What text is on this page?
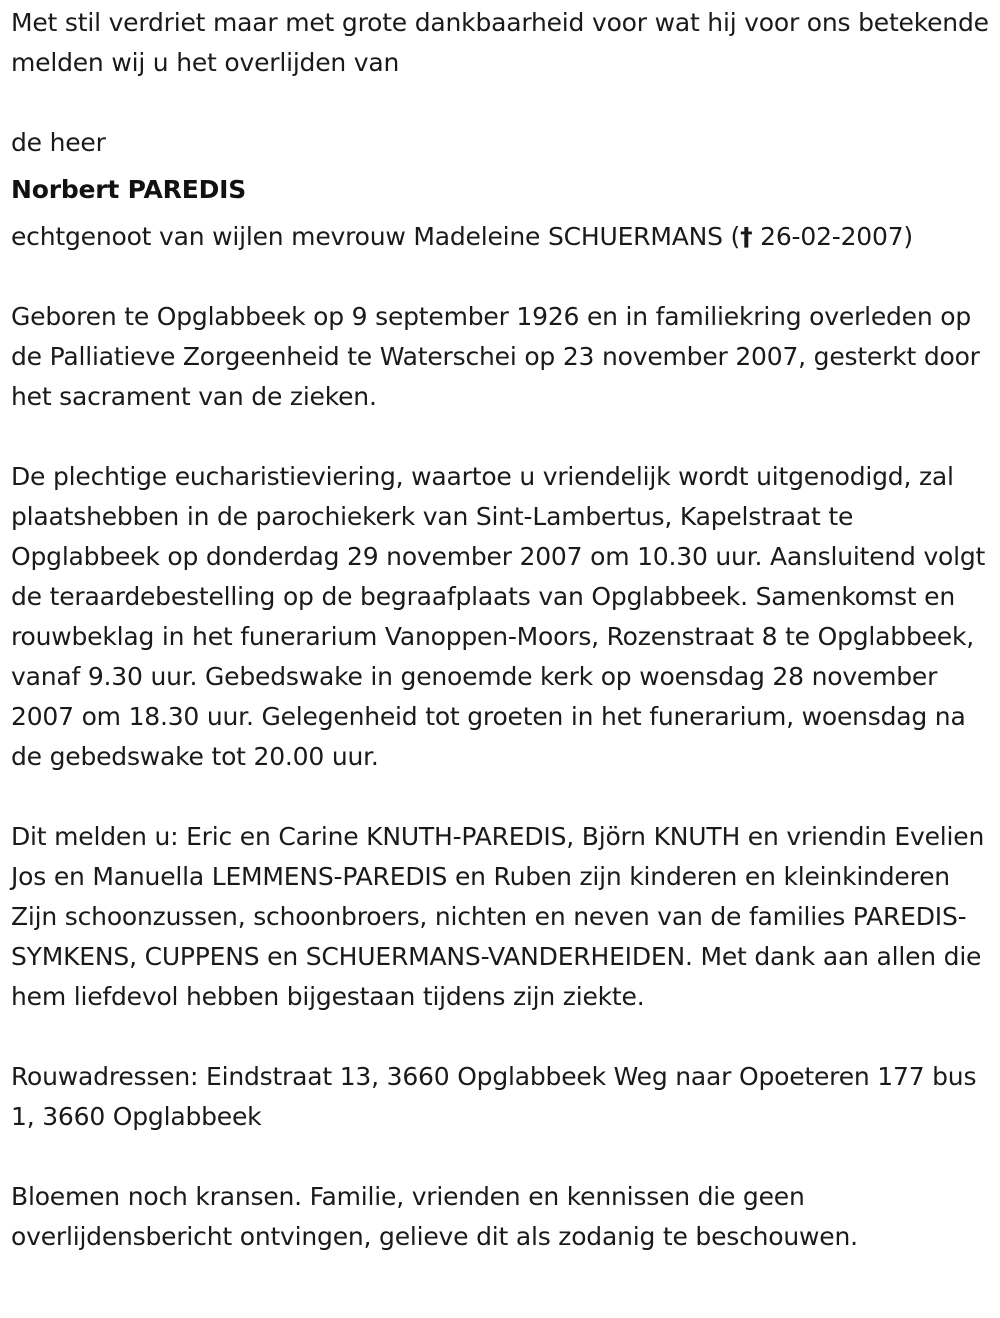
Met stil verdriet maar met grote dankbaarheid voor wat hij voor ons betekende melden wij u het overlijden van

de heer

Norbert PAREDIS

echtgenoot van wijlen mevrouw Madeleine SCHUERMANS († 26-02-2007)

Geboren te Opglabbeek op 9 september 1926 en in familiekring overleden op de Palliatieve Zorgeenheid te Waterschei op 23 november 2007, gesterkt door het sacrament van de zieken.

De plechtige eucharistieviering, waartoe u vriendelijk wordt uitgenodigd, zal plaatshebben in de parochiekerk van Sint-Lambertus, Kapelstraat te Opglabbeek op donderdag 29 november 2007 om 10.30 uur. Aansluitend volgt de teraardebestelling op de begraafplaats van Opglabbeek. Samenkomst en rouwbeklag in het funerarium Vanoppen-Moors, Rozenstraat 8 te Opglabbeek, vanaf 9.30 uur. Gebedswake in genoemde kerk op woensdag 28 november 2007 om 18.30 uur. Gelegenheid tot groeten in het funerarium, woensdag na de gebedswake tot 20.00 uur.

Dit melden u: Eric en Carine KNUTH-PAREDIS, Björn KNUTH en vriendin Evelien Jos en Manuella LEMMENS-PAREDIS en Ruben zijn kinderen en kleinkinderen Zijn schoonzussen, schoonbroers, nichten en neven van de families PAREDIS-SYMKENS, CUPPENS en SCHUERMANS-VANDERHEIDEN. Met dank aan allen die hem liefdevol hebben bijgestaan tijdens zijn ziekte.

Rouwadressen: Eindstraat 13, 3660 Opglabbeek Weg naar Opoeteren 177 bus 1, 3660 Opglabbeek

Bloemen noch kransen. Familie, vrienden en kennissen die geen overlijdensbericht ontvingen, gelieve dit als zodanig te beschouwen.
